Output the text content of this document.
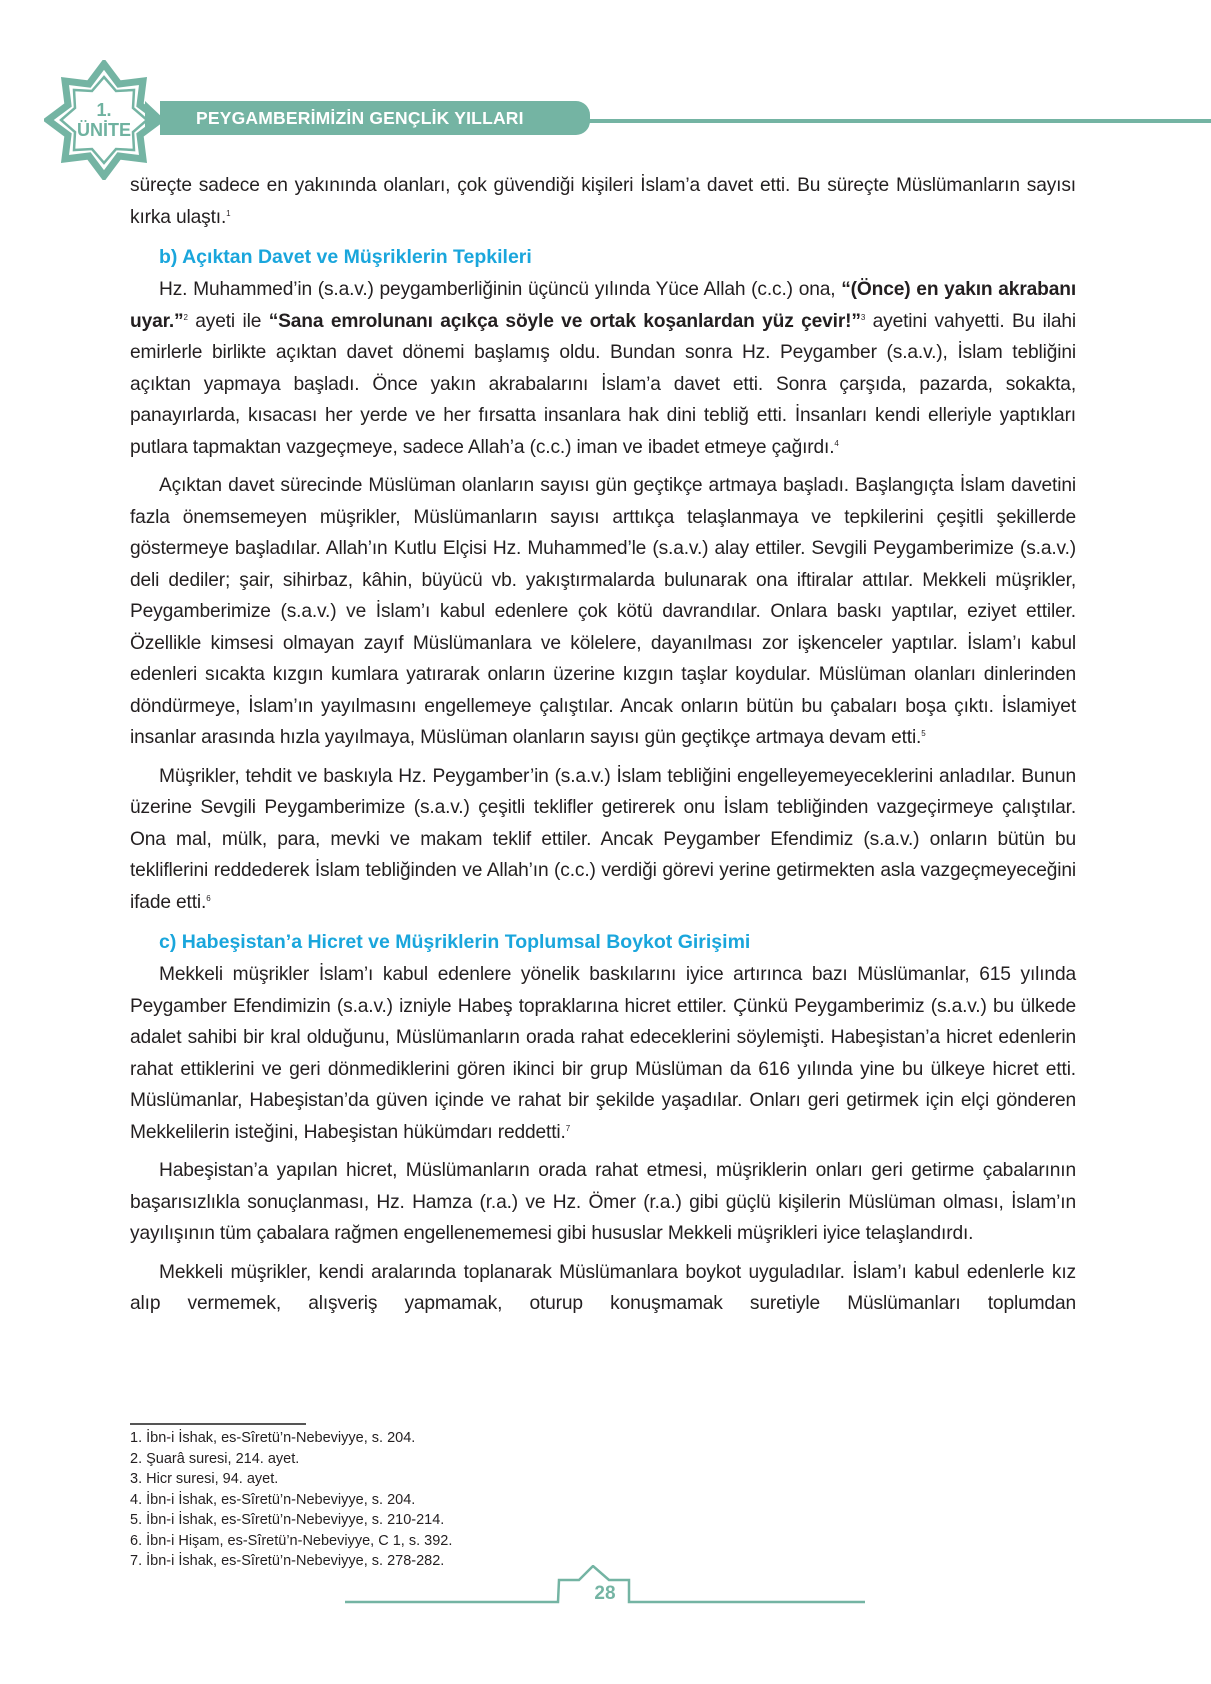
1.
ÜNİTE
PEYGAMBERİMİZİN GENÇLİK YILLARI

süreçte sadece en yakınında olanları, çok güvendiği kişileri İslam’a davet etti. Bu süreçte Müslümanların sayısı kırka ulaştı.$^1$

b) Açıktan Davet ve Müşriklerin Tepkileri

Hz. Muhammed’in (s.a.v.) peygamberliğinin üçüncü yılında Yüce Allah (c.c.) ona, “(Önce) en yakın akrabanı uyar.”$^2$ ayeti ile “Sana emrolunanı açıkça söyle ve ortak koşanlardan yüz çevir!”$^3$ ayetini vahyetti. Bu ilahi emirlerle birlikte açıktan davet dönemi başlamış oldu. Bundan sonra Hz. Peygamber (s.a.v.), İslam tebliğini açıktan yapmaya başladı. Önce yakın akrabalarını İslam’a davet etti. Sonra çarşıda, pazarda, sokakta, panayırlarda, kısacası her yerde ve her fırsatta insanlara hak dini tebliğ etti. İnsanları kendi elleriyle yaptıkları putlara tapmaktan vazgeçmeye, sadece Allah’a (c.c.) iman ve ibadet etmeye çağırdı.$^4$

Açıktan davet sürecinde Müslüman olanların sayısı gün geçtikçe artmaya başladı. Başlangıçta İslam davetini fazla önemsemeyen müşrikler, Müslümanların sayısı arttıkça telaşlanmaya ve tepkilerini çeşitli şekillerde göstermeye başladılar. Allah’ın Kutlu Elçisi Hz. Muhammed’le (s.a.v.) alay ettiler. Sevgili Peygamberimize (s.a.v.) deli dediler; şair, sihirbaz, kâhin, büyücü vb. yakıştırmalarda bulunarak ona iftiralar attılar. Mekkeli müşrikler, Peygamberimize (s.a.v.) ve İslam’ı kabul edenlere çok kötü davrandılar. Onlara baskı yaptılar, eziyet ettiler. Özellikle kimsesi olmayan zayıf Müslümanlara ve kölelere, dayanılması zor işkenceler yaptılar. İslam’ı kabul edenleri sıcakta kızgın kumlara yatırarak onların üzerine kızgın taşlar koydular. Müslüman olanları dinlerinden döndürmeye, İslam’ın yayılmasını engellemeye çalıştılar. Ancak onların bütün bu çabaları boşa çıktı. İslamiyet insanlar arasında hızla yayılmaya, Müslüman olanların sayısı gün geçtikçe artmaya devam etti.$^5$

Müşrikler, tehdit ve baskıyla Hz. Peygamber’in (s.a.v.) İslam tebliğini engelleyemeyeceklerini anladılar. Bunun üzerine Sevgili Peygamberimize (s.a.v.) çeşitli teklifler getirerek onu İslam tebliğinden vazgeçirmeye çalıştılar. Ona mal, mülk, para, mevki ve makam teklif ettiler. Ancak Peygamber Efendimiz (s.a.v.) onların bütün bu tekliflerini reddederek İslam tebliğinden ve Allah’ın (c.c.) verdiği görevi yerine getirmekten asla vazgeçmeyeceğini ifade etti.$^6$

c) Habeşistan’a Hicret ve Müşriklerin Toplumsal Boykot Girişimi

Mekkeli müşrikler İslam’ı kabul edenlere yönelik baskılarını iyice artırınca bazı Müslümanlar, 615 yılında Peygamber Efendimizin (s.a.v.) izniyle Habeş topraklarına hicret ettiler. Çünkü Peygamberimiz (s.a.v.) bu ülkede adalet sahibi bir kral olduğunu, Müslümanların orada rahat edeceklerini söylemişti. Habeşistan’a hicret edenlerin rahat ettiklerini ve geri dönmediklerini gören ikinci bir grup Müslüman da 616 yılında yine bu ülkeye hicret etti. Müslümanlar, Habeşistan’da güven içinde ve rahat bir şekilde yaşadılar. Onları geri getirmek için elçi gönderen Mekkelilerin isteğini, Habeşistan hükümdarı reddetti.$^7$

Habeşistan’a yapılan hicret, Müslümanların orada rahat etmesi, müşriklerin onları geri getirme çabalarının başarısızlıkla sonuçlanması, Hz. Hamza (r.a.) ve Hz. Ömer (r.a.) gibi güçlü kişilerin Müslüman olması, İslam’ın yayılışının tüm çabalara rağmen engellenememesi gibi hususlar Mekkeli müşrikleri iyice telaşlandırdı.

Mekkeli müşrikler, kendi aralarında toplanarak Müslümanlara boykot uyguladılar. İslam’ı kabul edenlerle kız alıp vermemek, alışveriş yapmamak, oturup konuşmamak suretiyle Müslümanları toplumdan

1. İbn-i İshak, es-Sîretü’n-Nebeviyye, s. 204.
2. Şuarâ suresi, 214. ayet.
3. Hicr suresi, 94. ayet.
4. İbn-i İshak, es-Sîretü’n-Nebeviyye, s. 204.
5. İbn-i İshak, es-Sîretü’n-Nebeviyye, s. 210-214.
6. İbn-i Hişam, es-Sîretü’n-Nebeviyye, C 1, s. 392.
7. İbn-i İshak, es-Sîretü’n-Nebeviyye, s. 278-282.
28
